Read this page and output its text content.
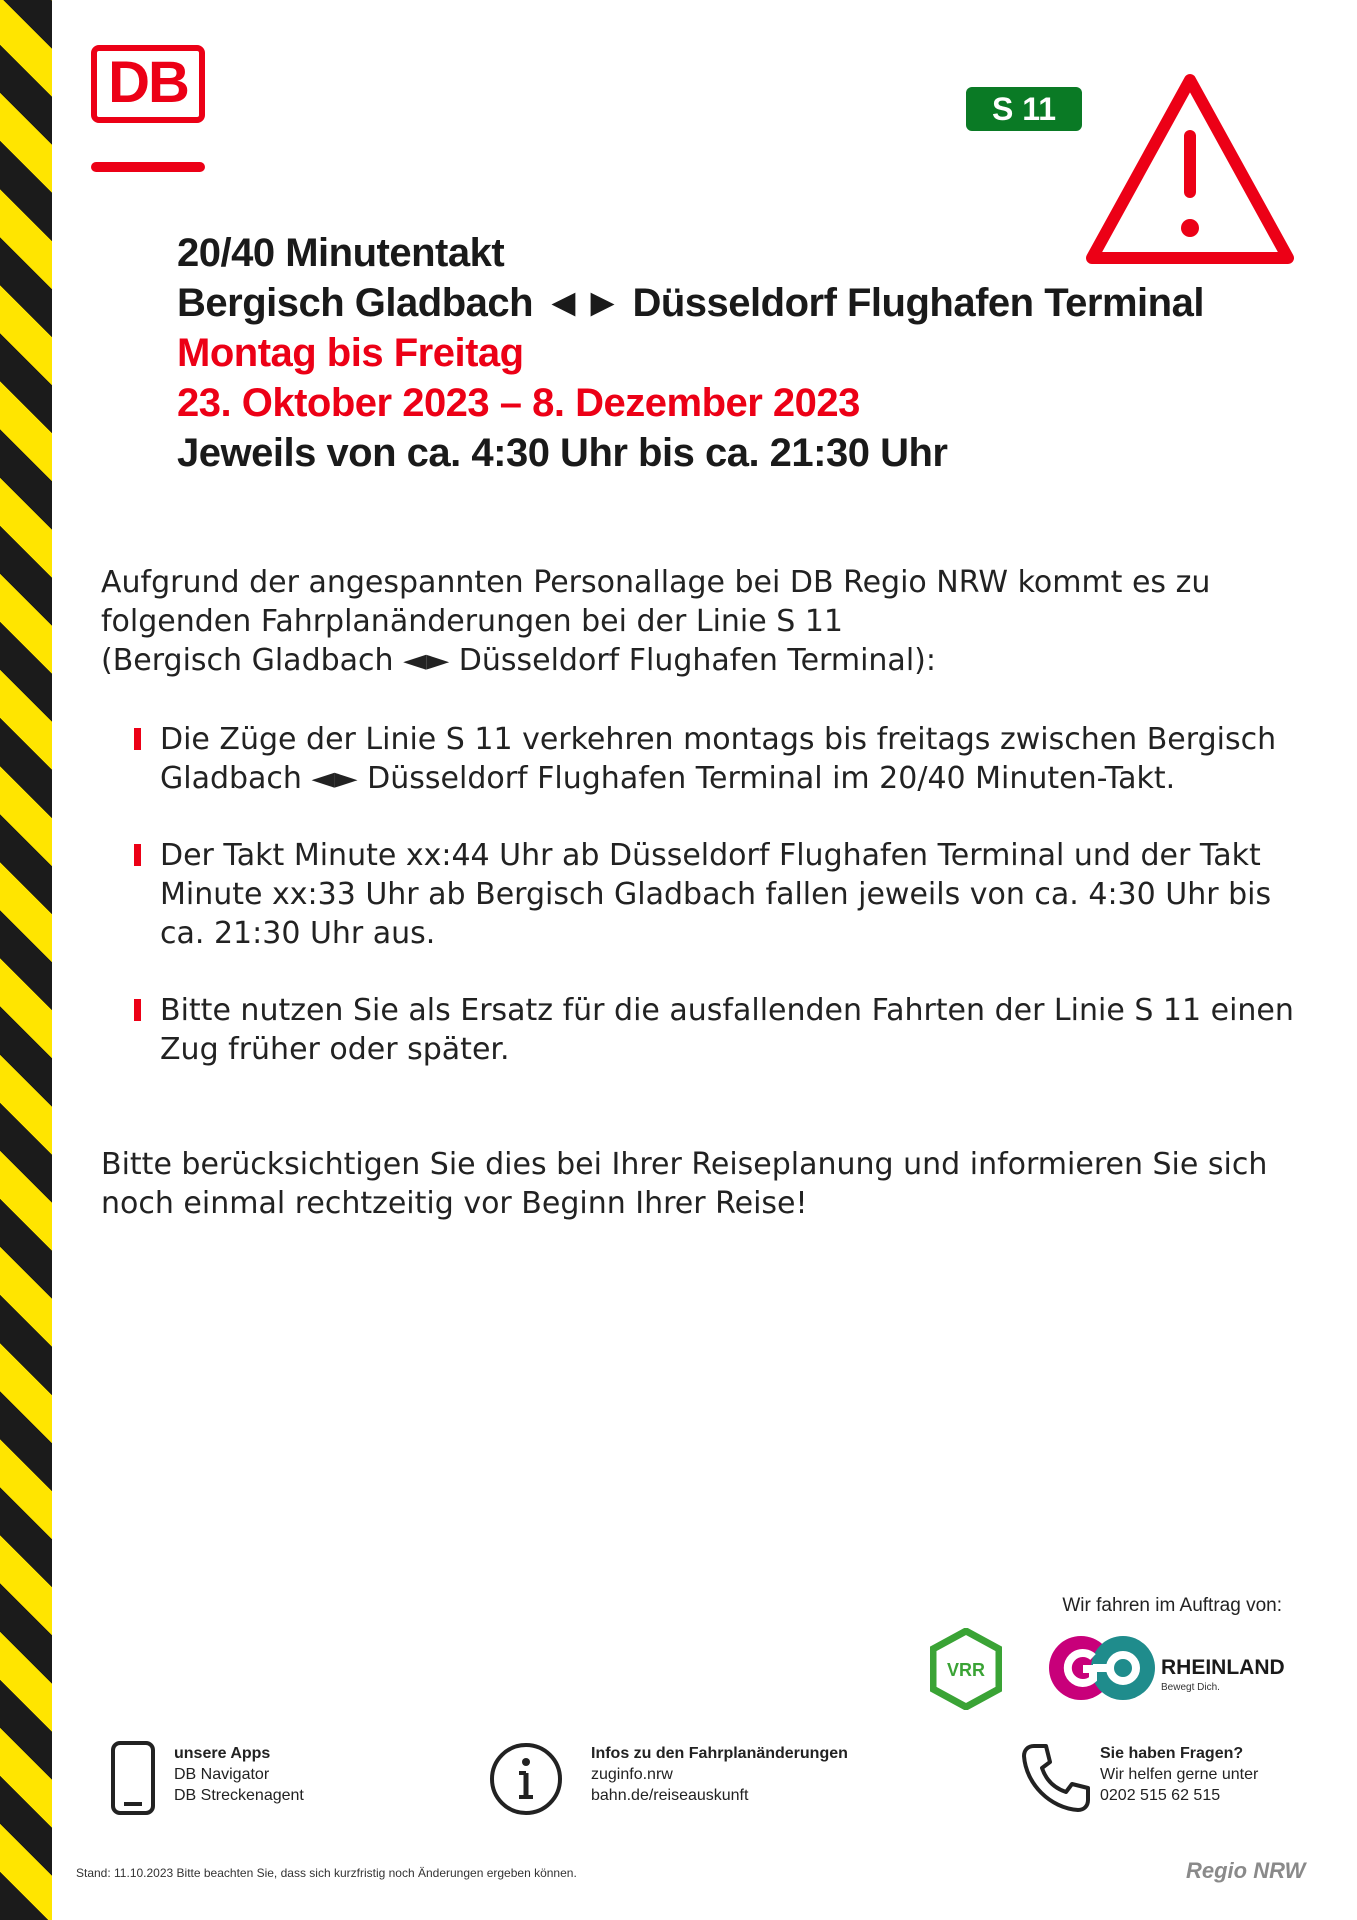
DB	S 11
20/40 Minutentakt
Bergisch Gladbach ◄► Düsseldorf Flughafen Terminal
Montag bis Freitag
23. Oktober 2023 – 8. Dezember 2023
Jeweils von ca. 4:30 Uhr bis ca. 21:30 Uhr
Aufgrund der angespannten Personallage bei DB Regio NRW kommt es zu
folgenden Fahrplanänderungen bei der Linie S 11
(Bergisch Gladbach ◄► Düsseldorf Flughafen Terminal):
Die Züge der Linie S 11 verkehren montags bis freitags zwischen Bergisch
Gladbach ◄► Düsseldorf Flughafen Terminal im 20/40 Minuten-Takt.
Der Takt Minute xx:44 Uhr ab Düsseldorf Flughafen Terminal und der Takt
Minute xx:33 Uhr ab Bergisch Gladbach fallen jeweils von ca. 4:30 Uhr bis
ca. 21:30 Uhr aus.
Bitte nutzen Sie als Ersatz für die ausfallenden Fahrten der Linie S 11 einen
Zug früher oder später.
Bitte berücksichtigen Sie dies bei Ihrer Reiseplanung und informieren Sie sich
noch einmal rechtzeitig vor Beginn Ihrer Reise!
Wir fahren im Auftrag von:
VRR	RHEINLAND
Bewegt Dich.
unsere Apps
DB Navigator
DB Streckenagent
Infos zu den Fahrplanänderungen
zuginfo.nrw
bahn.de/reiseauskunft
Sie haben Fragen?
Wir helfen gerne unter
0202 515 62 515
Stand: 11.10.2023 Bitte beachten Sie, dass sich kurzfristig noch Änderungen ergeben können.	Regio NRW
